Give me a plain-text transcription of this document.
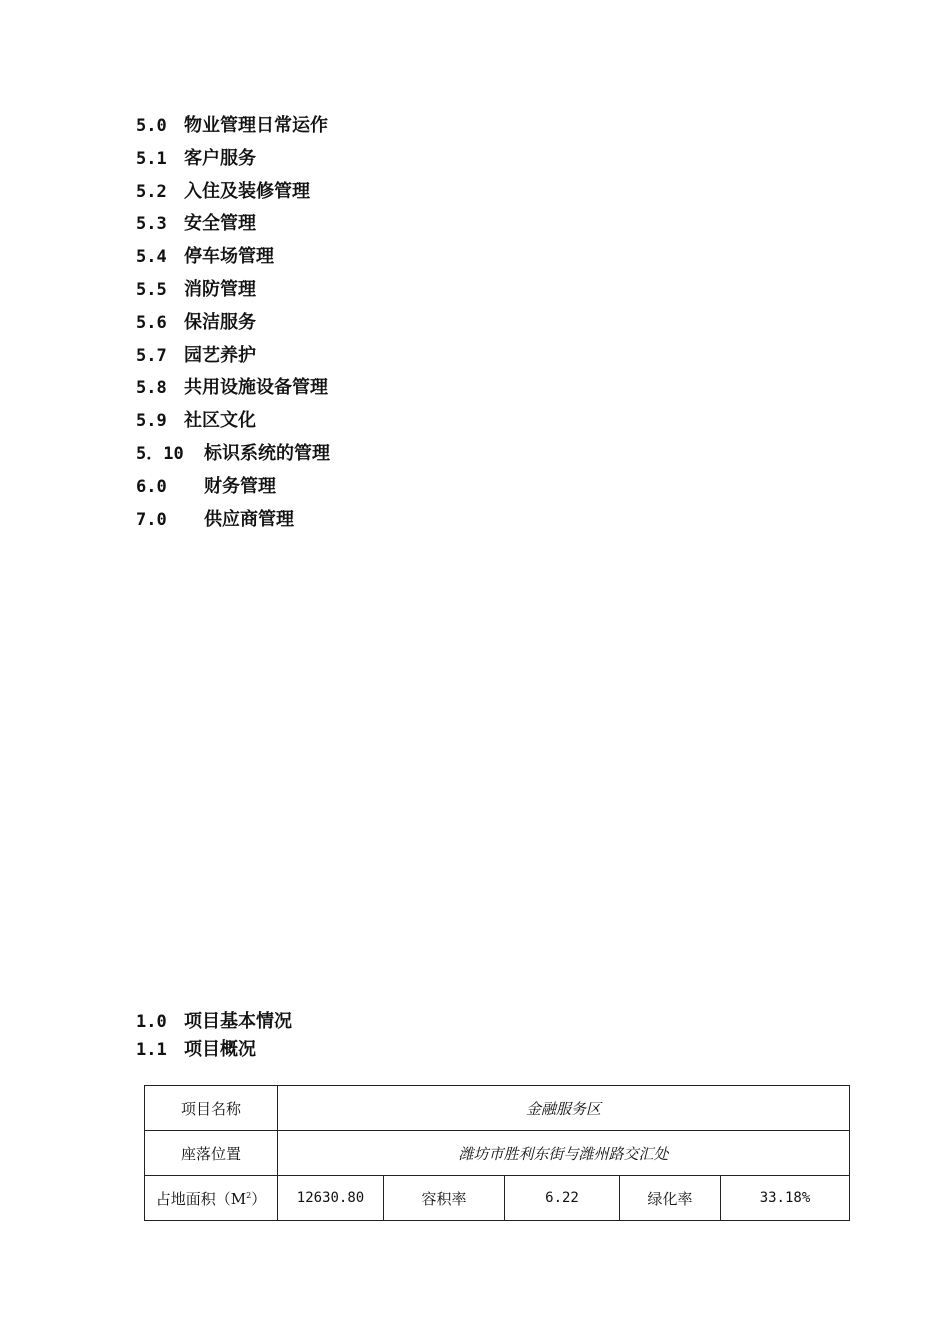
5.0 物业管理日常运作
5.1 客户服务
5.2 入住及装修管理
5.3 安全管理
5.4 停车场管理
5.5 消防管理
5.6 保洁服务
5.7 园艺养护
5.8 共用设施设备管理
5.9 社区文化
5．10 标识系统的管理
6.0 财务管理
7.0 供应商管理
1.0 项目基本情况
1.1 项目概况
项目名称	金融服务区				
座落位置	潍坊市胜利东街与潍州路交汇处				
占地面积$(M^2)$	12630.80	容积率	6.22	绿化率	33.18%
